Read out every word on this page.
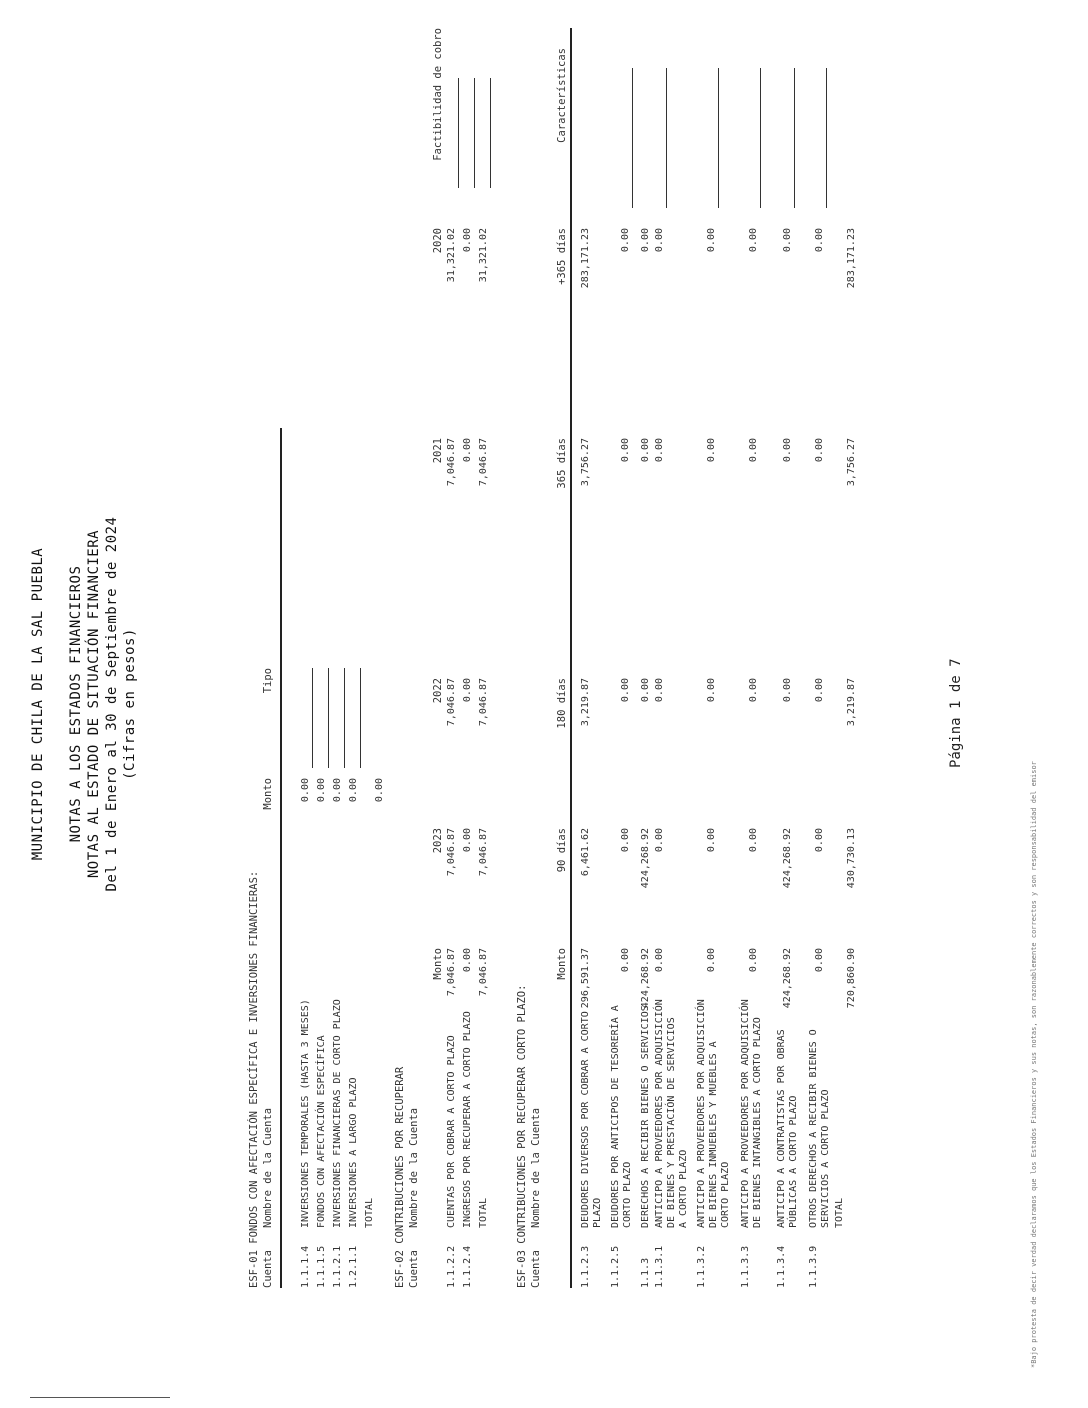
MUNICIPIO DE CHILA DE LA SAL PUEBLA NOTAS A LOS ESTADOS FINANCIEROS NOTAS AL ESTADO DE SITUACIÓN FINANCIERA Del 1 de Enero al 30 de Septiembre de 2024 (Cifras en pesos)
ESF-01 FONDOS CON AFECTACIÓN ESPECÍFICA E INVERSIONES FINANCIERAS: Cuenta
Nombre de la Cuenta
Monto
Tipo
1.1.1.4
INVERSIONES TEMPORALES (HASTA 3 MESES)
0.00
1.1.1.5
FONDOS CON AFECTACIÓN ESPECÍFICA
0.00
1.1.2.1
INVERSIONES FINANCIERAS DE CORTO PLAZO
0.00
1.2.1.1
INVERSIONES A LARGO PLAZO
0.00
TOTAL
0.00
ESF-02 CONTRIBUCIONES POR RECUPERAR Cuenta
Nombre de la Cuenta
Monto
2023
2022
2021
2020
Factibilidad de cobro
1.1.2.2
CUENTAS POR COBRAR A CORTO PLAZO
7,046.87
7,046.87
7,046.87
7,046.87
31,321.02
1.1.2.4
INGRESOS POR RECUPERAR A CORTO PLAZO
0.00
0.00
0.00
0.00
0.00
TOTAL
7,046.87
7,046.87
7,046.87
7,046.87
31,321.02
ESF-03 CONTRIBUCIONES POR RECUPERAR CORTO PLAZO: Cuenta
Nombre de la Cuenta
Monto
90 días
180 días
365 días
+365 días
Características
1.1.2.3
DEUDORES DIVERSOS POR COBRAR A CORTO PLAZO
296,591.37
6,461.62
3,219.87
3,756.27
283,171.23
1.1.2.5
DEUDORES POR ANTICIPOS DE TESORERÍA A CORTO PLAZO
0.00
0.00
0.00
0.00
0.00
1.1.3
DERECHOS A RECIBIR BIENES O SERVICIOS
424,268.92
424,268.92
0.00
0.00
0.00
1.1.3.1
ANTICIPO A PROVEEDORES POR ADQUISICIÓN DE BIENES Y PRESTACIÓN DE SERVICIOS A CORTO PLAZO
0.00
0.00
0.00
0.00
0.00
1.1.3.2
ANTICIPO A PROVEEDORES POR ADQUISICIÓN DE BIENES INMUEBLES Y MUEBLES A CORTO PLAZO
0.00
0.00
0.00
0.00
0.00
1.1.3.3
ANTICIPO A PROVEEDORES POR ADQUISICIÓN DE BIENES INTANGIBLES A CORTO PLAZO
0.00
0.00
0.00
0.00
0.00
1.1.3.4
ANTICIPO A CONTRATISTAS POR OBRAS PÚBLICAS A CORTO PLAZO
424,268.92
424,268.92
0.00
0.00
0.00
1.1.3.9
OTROS DERECHOS A RECIBIR BIENES O SERVICIOS A CORTO PLAZO
0.00
0.00
0.00
0.00
0.00
TOTAL
720,860.90
430,730.13
3,219.87
3,756.27
283,171.23
Página 1 de 7
*Bajo protesta de decir verdad declaramos que los Estados Financieros y sus notas, son razonablemente correctos y son responsabilidad del emisor
